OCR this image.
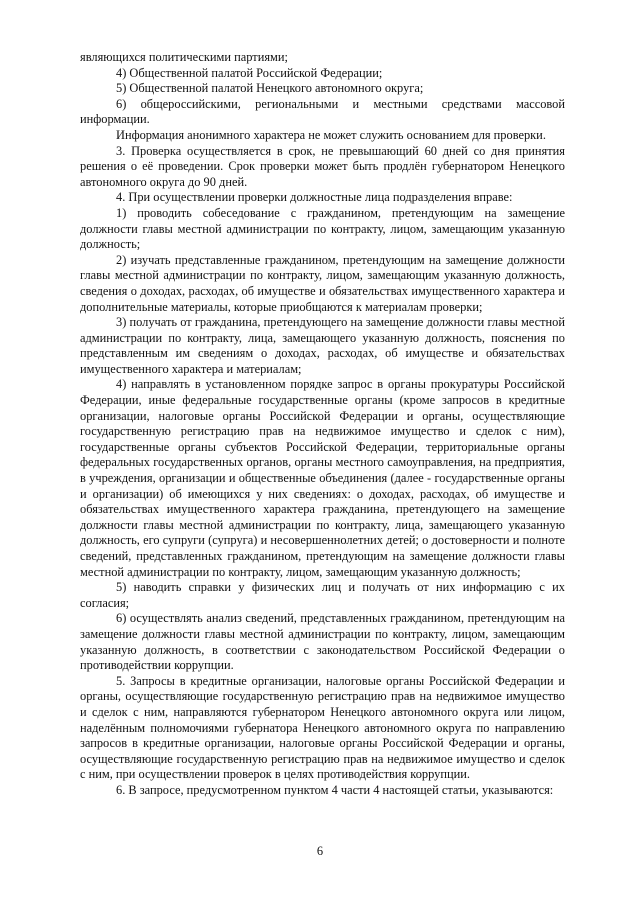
являющихся политическими партиями;

4) Общественной палатой Российской Федерации;

5) Общественной палатой Ненецкого автономного округа;

6) общероссийскими, региональными и местными средствами массовой информации.

Информация анонимного характера не может служить основанием для проверки.

3. Проверка осуществляется в срок, не превышающий 60 дней со дня принятия решения о её проведении. Срок проверки может быть продлён губернатором Ненецкого автономного округа до 90 дней.

4. При осуществлении проверки должностные лица подразделения вправе:

1) проводить собеседование с гражданином, претендующим на замещение должности главы местной администрации по контракту, лицом, замещающим указанную должность;

2) изучать представленные гражданином, претендующим на замещение должности главы местной администрации по контракту, лицом, замещающим указанную должность, сведения о доходах, расходах, об имуществе и обязательствах имущественного характера и дополнительные материалы, которые приобщаются к материалам проверки;

3) получать от гражданина, претендующего на замещение должности главы местной администрации по контракту, лица, замещающего указанную должность, пояснения по представленным им сведениям о доходах, расходах, об имуществе и обязательствах имущественного характера и материалам;

4) направлять в установленном порядке запрос в органы прокуратуры Российской Федерации, иные федеральные государственные органы (кроме запросов в кредитные организации, налоговые органы Российской Федерации и органы, осуществляющие государственную регистрацию прав на недвижимое имущество и сделок с ним), государственные органы субъектов Российской Федерации, территориальные органы федеральных государственных органов, органы местного самоуправления, на предприятия, в учреждения, организации и общественные объединения (далее - государственные органы и организации) об имеющихся у них сведениях: о доходах, расходах, об имуществе и обязательствах имущественного характера гражданина, претендующего на замещение должности главы местной администрации по контракту, лица, замещающего указанную должность, его супруги (супруга) и несовершеннолетних детей; о достоверности и полноте сведений, представленных гражданином, претендующим на замещение должности главы местной администрации по контракту, лицом, замещающим указанную должность;

5) наводить справки у физических лиц и получать от них информацию с их согласия;

6) осуществлять анализ сведений, представленных гражданином, претендующим на замещение должности главы местной администрации по контракту, лицом, замещающим указанную должность, в соответствии с законодательством Российской Федерации о противодействии коррупции.

5. Запросы в кредитные организации, налоговые органы Российской Федерации и органы, осуществляющие государственную регистрацию прав на недвижимое имущество и сделок с ним, направляются губернатором Ненецкого автономного округа или лицом, наделённым полномочиями губернатора Ненецкого автономного округа по направлению запросов в кредитные организации, налоговые органы Российской Федерации и органы, осуществляющие государственную регистрацию прав на недвижимое имущество и сделок с ним, при осуществлении проверок в целях противодействия коррупции.

6. В запросе, предусмотренном пунктом 4 части 4 настоящей статьи, указываются:

6
